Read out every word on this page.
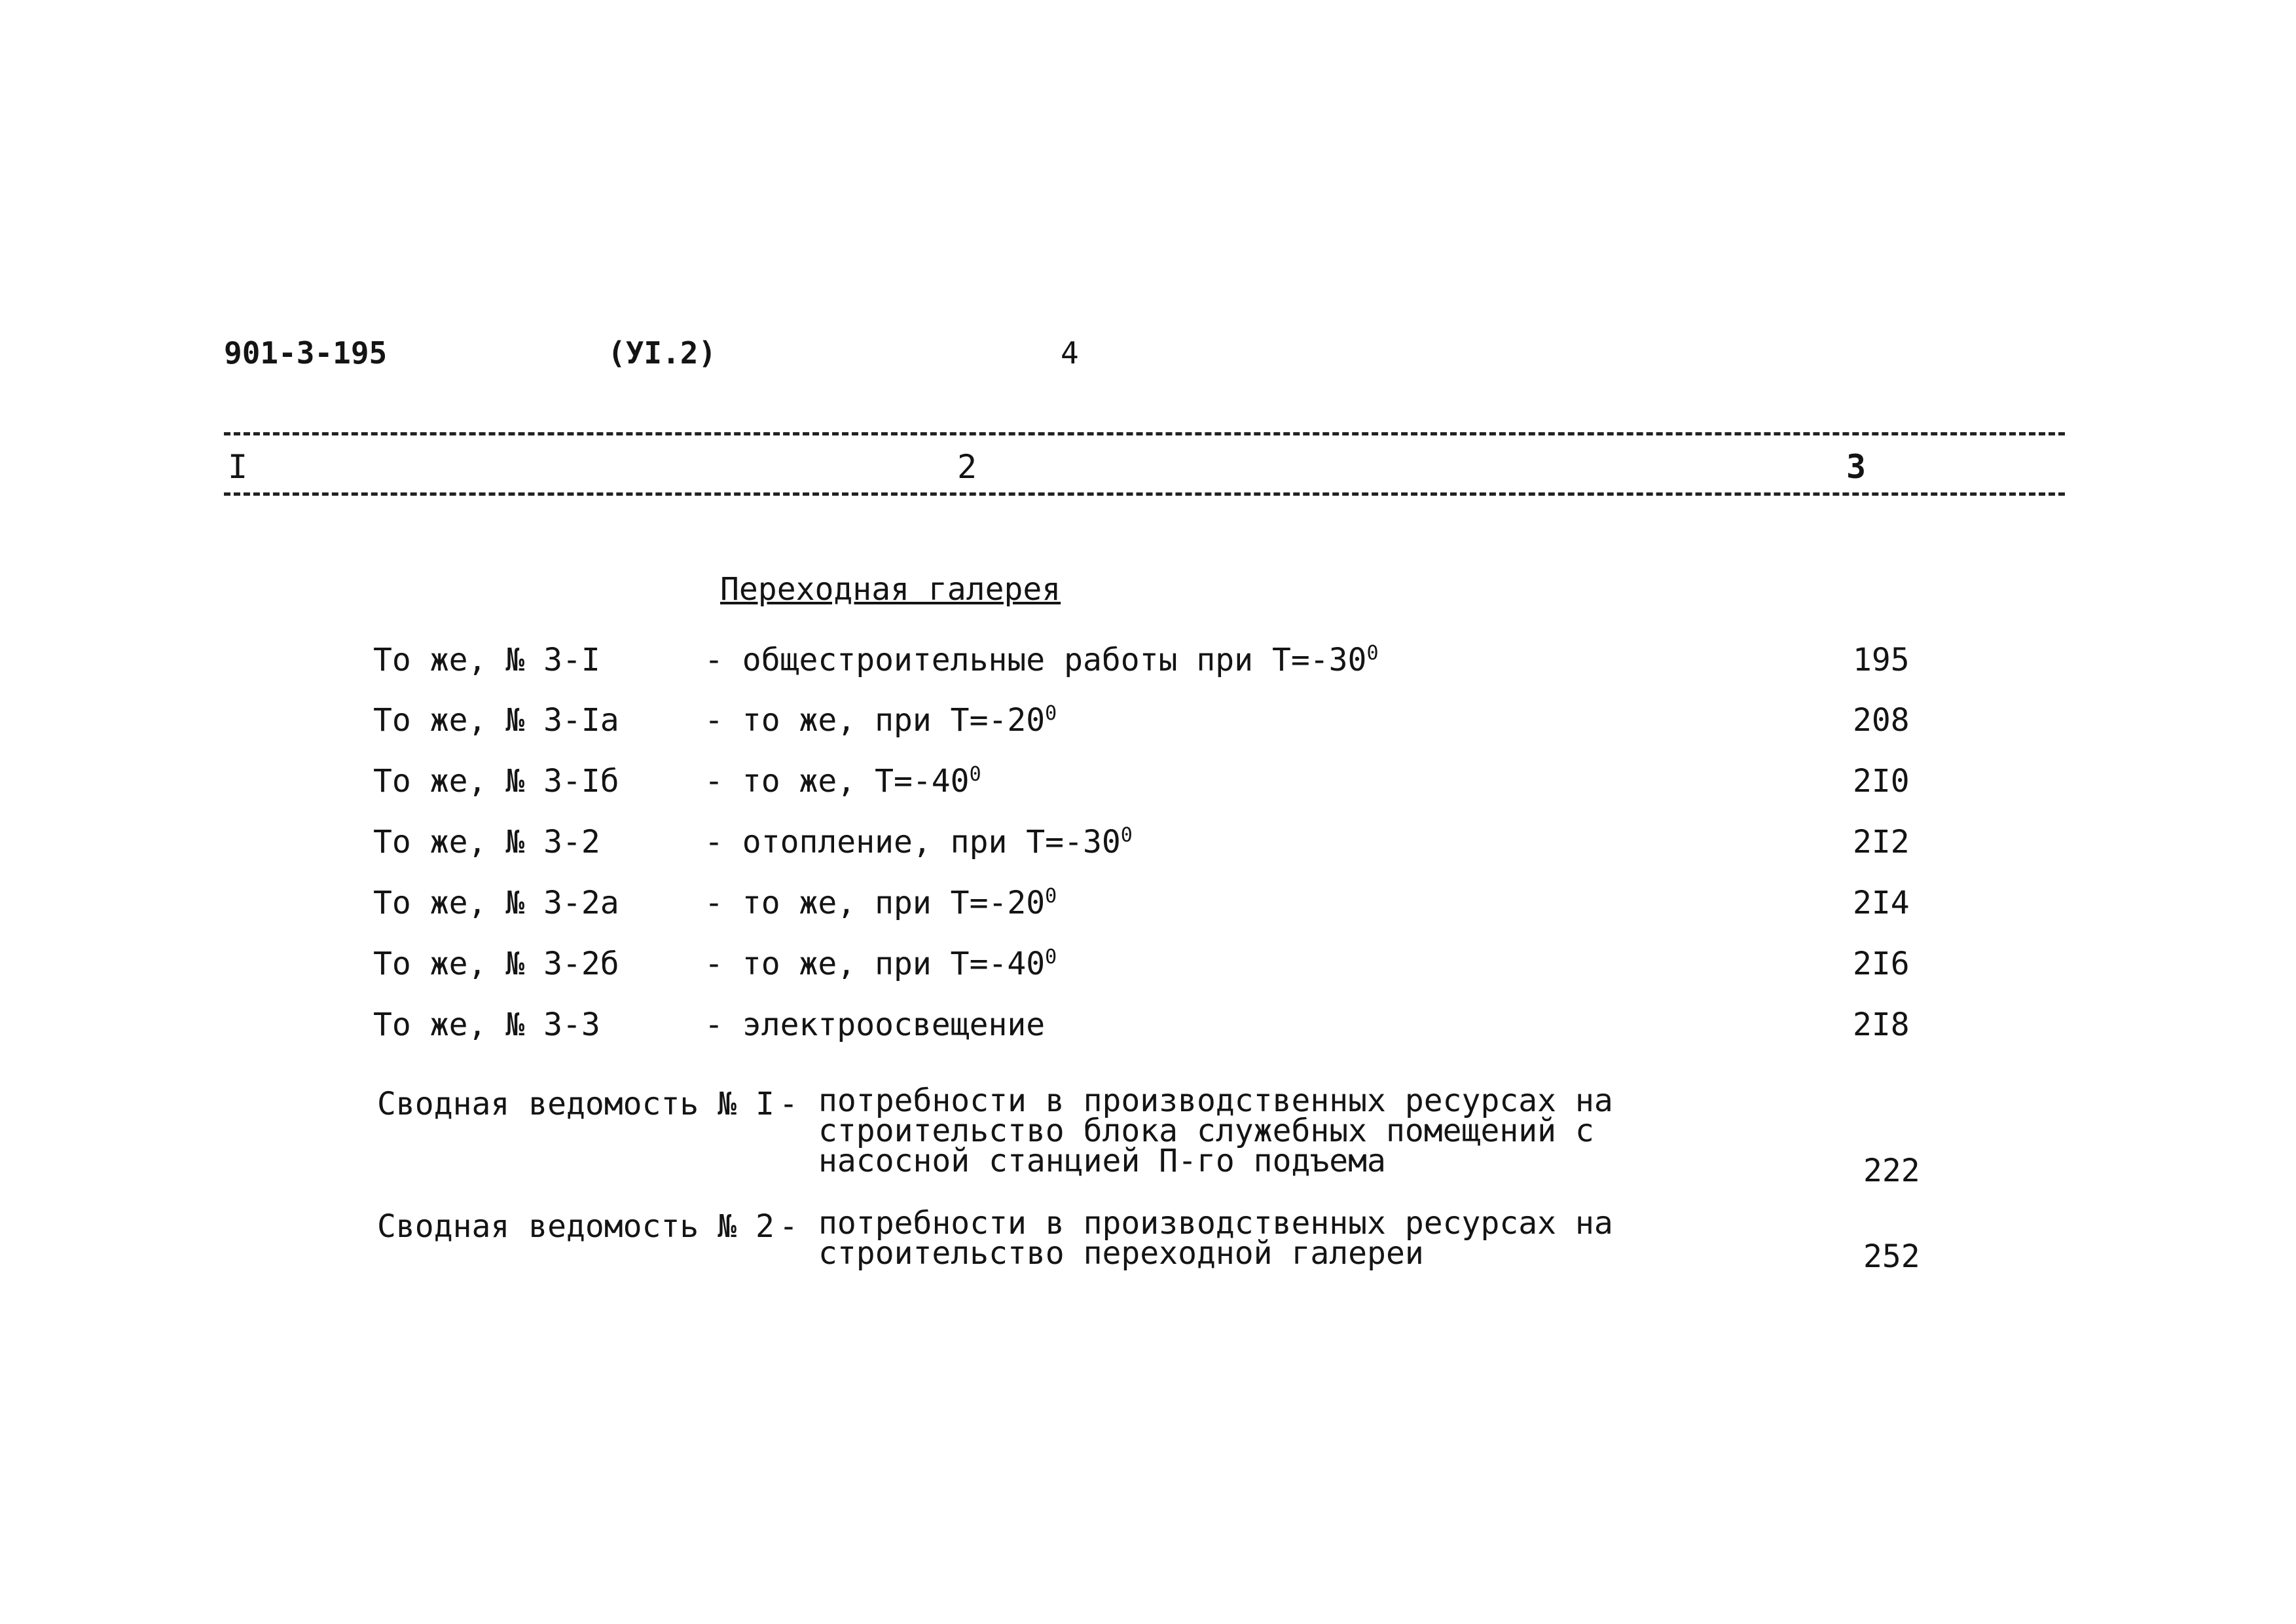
901-3-195	(УI.2)	4
I	2	3
Переходная галерея
То же, № 3-I	- общестроительные работы при $Т=-30^0$	195
То же, № 3-Iа	- то же, при $Т=-20^0$	208
То же, № 3-Iб	- то же, $Т=-40^0$	2I0
То же, № 3-2	- отопление, при $Т=-30^0$	2I2
То же, № 3-2а	- то же, при $Т=-20^0$	2I4
То же, № 3-2б	- то же, при $Т=-40^0$	2I6
То же, № 3-3	- электроосвещение	2I8
Сводная ведомость № I - потребности в производственных ресурсах на строительство блока служебных помещений с насосной станцией П-го подъема	222
Сводная ведомость № 2 - потребности в производственных ресурсах на строительство переходной галереи	252
